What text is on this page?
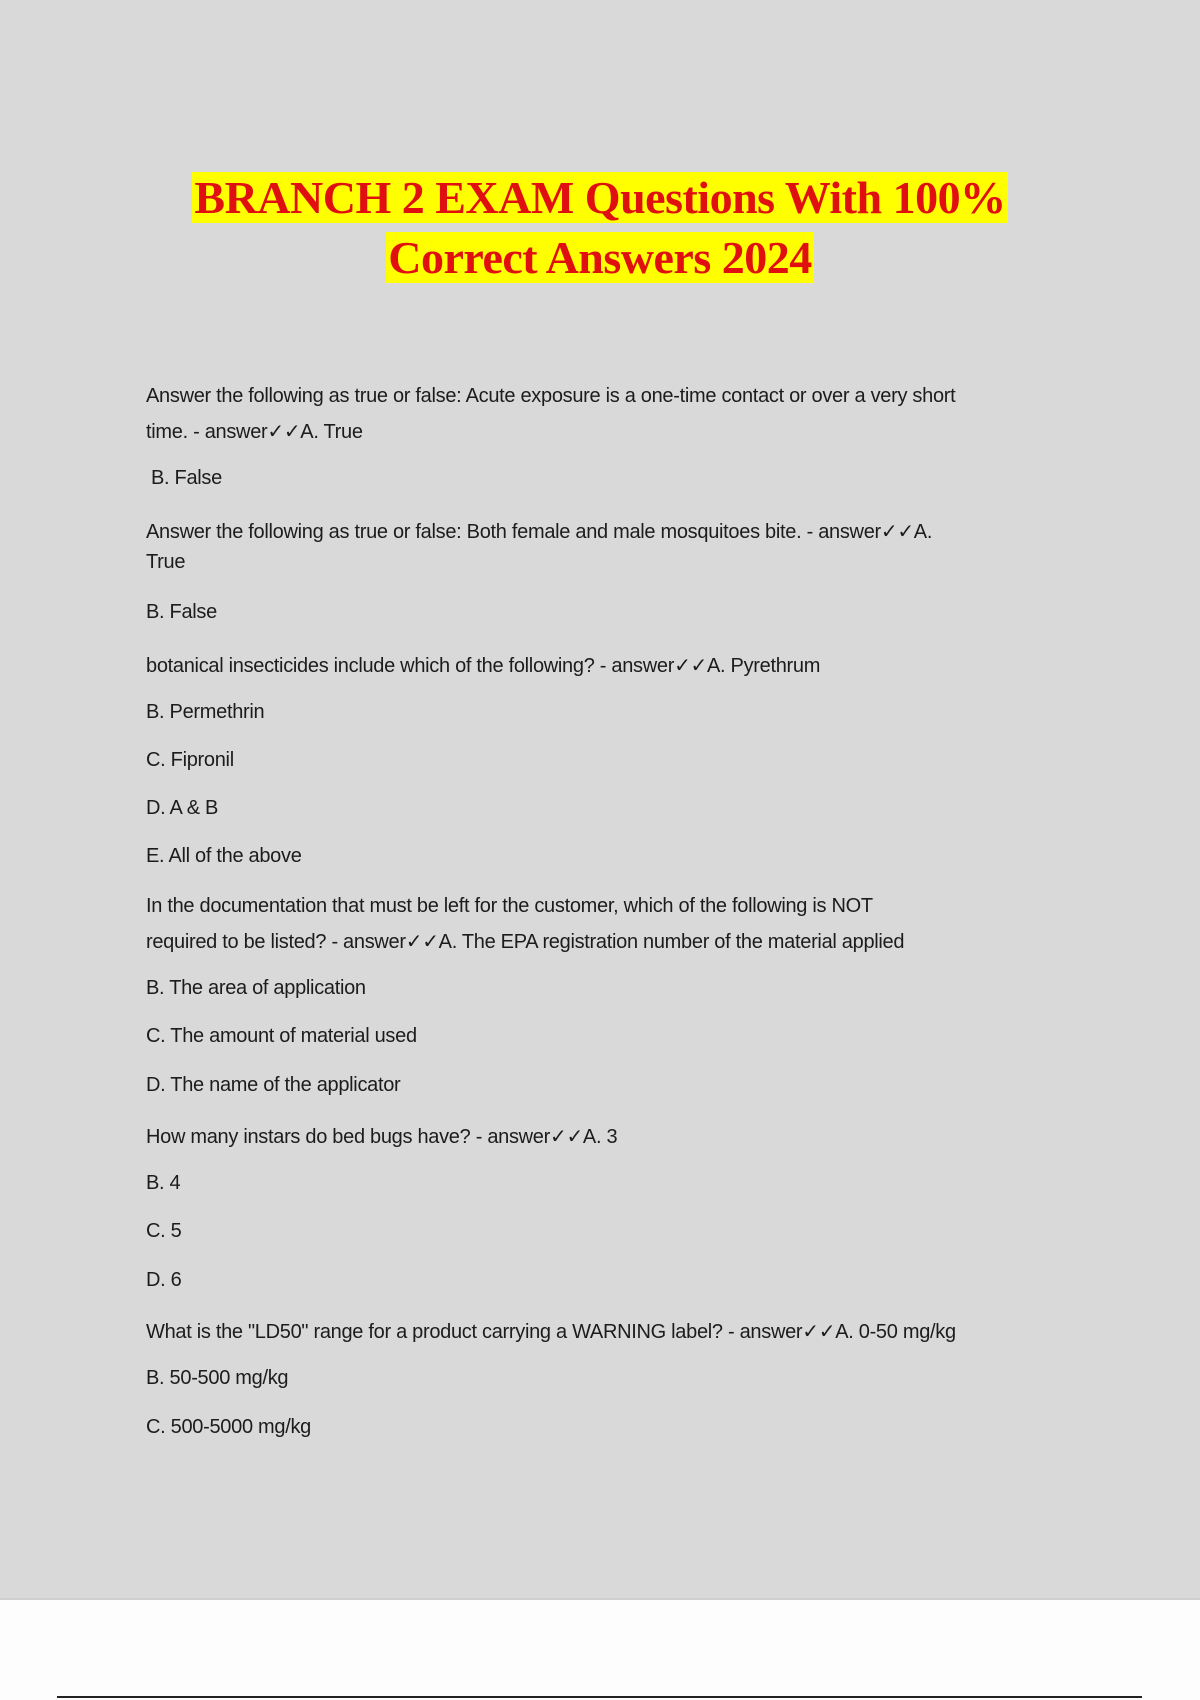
BRANCH 2 EXAM Questions With 100%
Correct Answers 2024
Answer the following as true or false: Acute exposure is a one-time contact or over a very short
time. - answer✓✓A. True
B. False
Answer the following as true or false: Both female and male mosquitoes bite. - answer✓✓A.
True
B. False
botanical insecticides include which of the following? - answer✓✓A. Pyrethrum
B. Permethrin
C. Fipronil
D. A & B
E. All of the above
In the documentation that must be left for the customer, which of the following is NOT
required to be listed? - answer✓✓A. The EPA registration number of the material applied
B. The area of application
C. The amount of material used
D. The name of the applicator
How many instars do bed bugs have? - answer✓✓A. 3
B. 4
C. 5
D. 6
What is the "LD50" range for a product carrying a WARNING label? - answer✓✓A. 0-50 mg/kg
B. 50-500 mg/kg
C. 500-5000 mg/kg
